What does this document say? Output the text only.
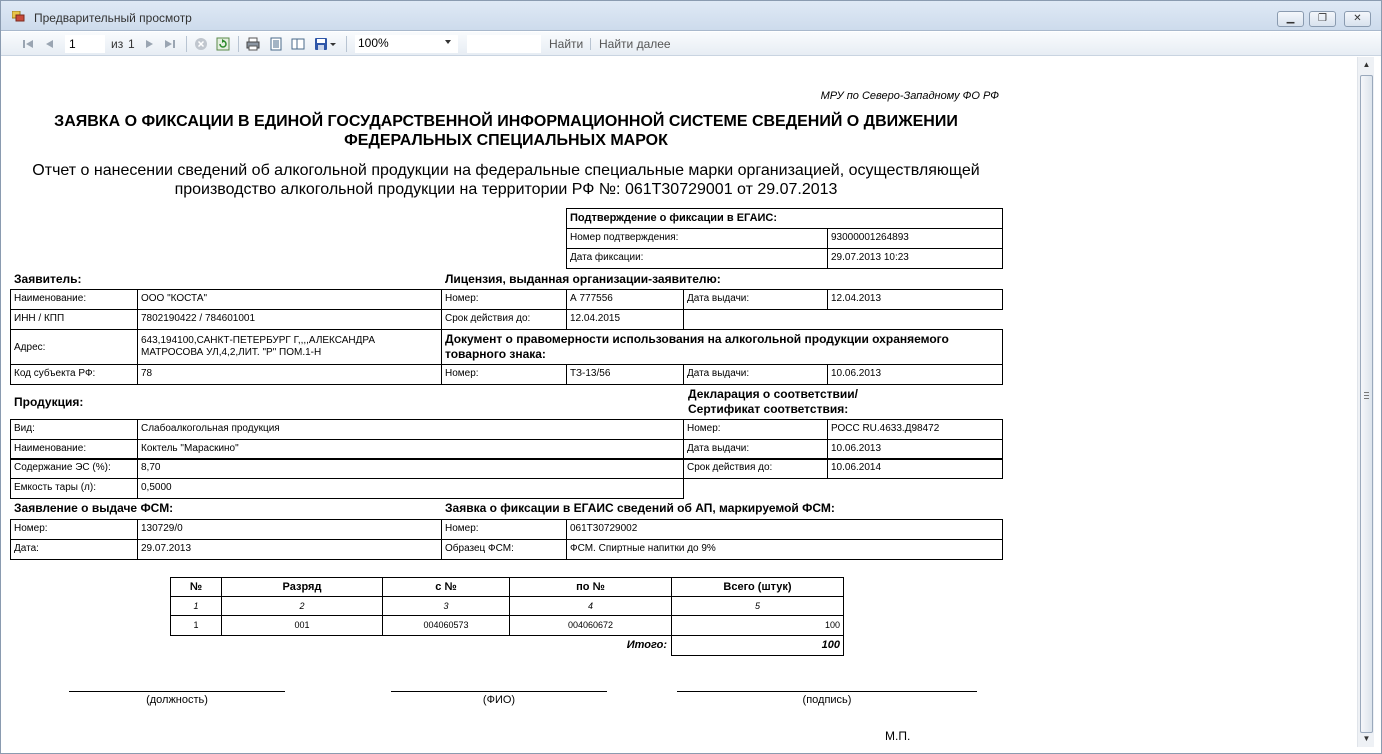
Предварительный просмотр	▁	❐	✕
1	из 1	100%	Найти Найти далее
МРУ по Северо-Западному ФО РФ
ЗАЯВКА О ФИКСАЦИИ В ЕДИНОЙ ГОСУДАРСТВЕННОЙ ИНФОРМАЦИОННОЙ СИСТЕМЕ СВЕДЕНИЙ О ДВИЖЕНИИ
ФЕДЕРАЛЬНЫХ СПЕЦИАЛЬНЫХ МАРОК
Отчет о нанесении сведений об алкогольной продукции на федеральные специальные марки организацией, осуществляющей
производство алкогольной продукции на территории РФ №: 061Т30729001 от 29.07.2013
Подтверждение о фиксации в ЕГАИС:
Номер подтверждения:	93000001264893
Дата фиксации:	29.07.2013 10:23
Заявитель:
Наименование:	ООО "КОСТА"
ИНН / КПП	7802190422 / 784601001
Адрес:
643,194100,САНКТ-ПЕТЕРБУРГ Г,,,,АЛЕКСАНДРА
МАТРОСОВА УЛ,4,2,ЛИТ. "Р" ПОМ.1-Н
Код субъекта РФ:	78
Лицензия, выданная организации-заявителю:
Номер:	А 777556	Дата выдачи:	12.04.2013
Срок действия до:	12.04.2015
Документ о правомерности использования на алкогольной продукции охраняемого
товарного знака:
Номер:	ТЗ-13/56	Дата выдачи:	10.06.2013
Продукция:
Вид:	Слабоалкогольная продукция
Наименование:	Коктель "Мараскино"
Содержание ЭС (%):	8,70
Емкость тары (л):	0,5000
Декларация о соответствии/
Сертификат соответствия:
Номер:	РОСС RU.4633.Д98472
Дата выдачи:	10.06.2013
Срок действия до:	10.06.2014
Заявление о выдаче ФСМ:
Номер:	130729/0
Дата:	29.07.2013
Заявка о фиксации в ЕГАИС сведений об АП, маркируемой ФСМ:
Номер:	061Т30729002
Образец ФСМ:	ФСМ. Спиртные напитки до 9%
№	Разряд	с №	по №	Всего (штук)
1	2	3	4	5
1	001	004060573	004060672	100
Итого:	100
(должность)	(ФИО)	(подпись)
М.П.
▲
▼
